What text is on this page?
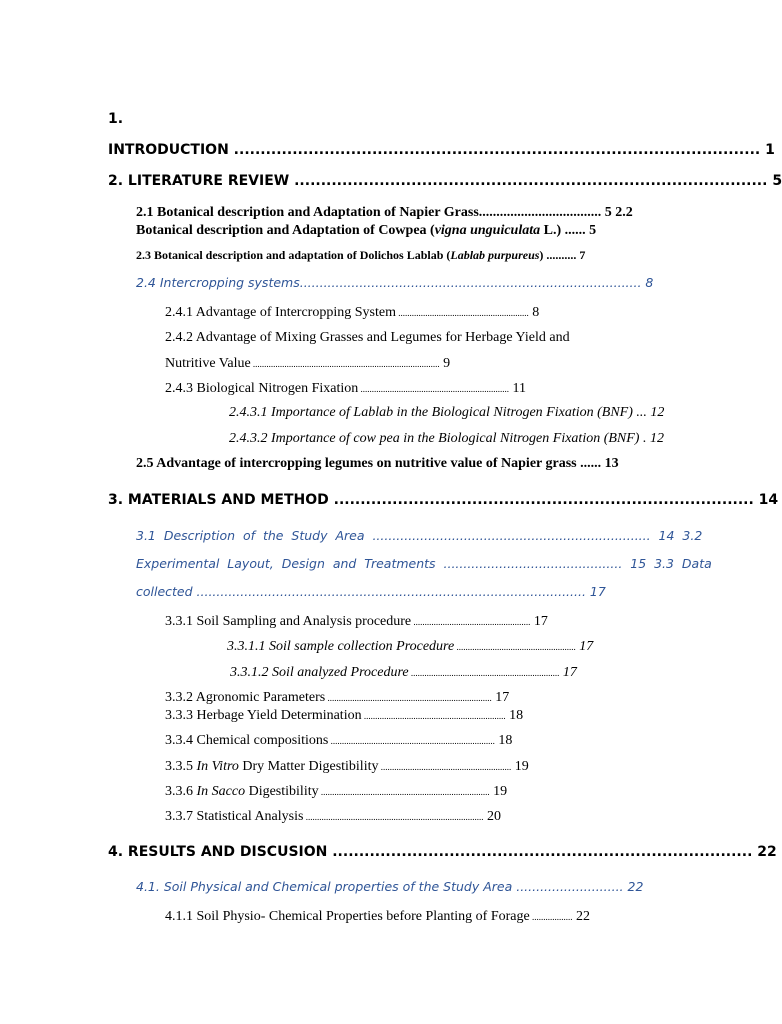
1.
INTRODUCTION ................................................................................................... 1
2. LITERATURE REVIEW ......................................................................................... 5
2.1 Botanical description and Adaptation of Napier Grass................................... 5 2.2
Botanical description and Adaptation of Cowpea (vigna unguiculata L.) ...... 5
2.3 Botanical description and adaptation of Dolichos Lablab (Lablab purpureus) .......... 7
2.4 Intercropping systems...................................................................................... 8
2.4.1 Advantage of Intercropping System .......................................................... 8
2.4.2 Advantage of Mixing Grasses and Legumes for Herbage Yield and
Nutritive Value ................................................................................... 9
2.4.3 Biological Nitrogen Fixation .................................................................. 11
2.4.3.1 Importance of Lablab in the Biological Nitrogen Fixation (BNF) ... 12
2.4.3.2 Importance of cow pea in the Biological Nitrogen Fixation (BNF) . 12
2.5 Advantage of intercropping legumes on nutritive value of Napier grass ...... 13
3. MATERIALS AND METHOD ............................................................................... 14
3.1  Description  of  the  Study  Area  ......................................................................  14  3.2
Experimental  Layout,  Design  and  Treatments  .............................................  15  3.3  Data
collected .................................................................................................. 17
3.3.1 Soil Sampling and Analysis procedure .................................................... 17
3.3.1.1 Soil sample collection Procedure ..................................................... 17
3.3.1.2 Soil analyzed Procedure .................................................................. 17
3.3.2 Agronomic Parameters ......................................................................... 17
3.3.3 Herbage Yield Determination ............................................................... 18
3.3.4 Chemical compositions ......................................................................... 18
3.3.5 In Vitro Dry Matter Digestibility .......................................................... 19
3.3.6 In Sacco Digestibility ........................................................................... 19
3.3.7 Statistical Analysis ............................................................................... 20
4. RESULTS AND DISCUSION ............................................................................... 22
4.1. Soil Physical and Chemical properties of the Study Area ........................... 22
4.1.1 Soil Physio- Chemical Properties before Planting of Forage .................. 22
